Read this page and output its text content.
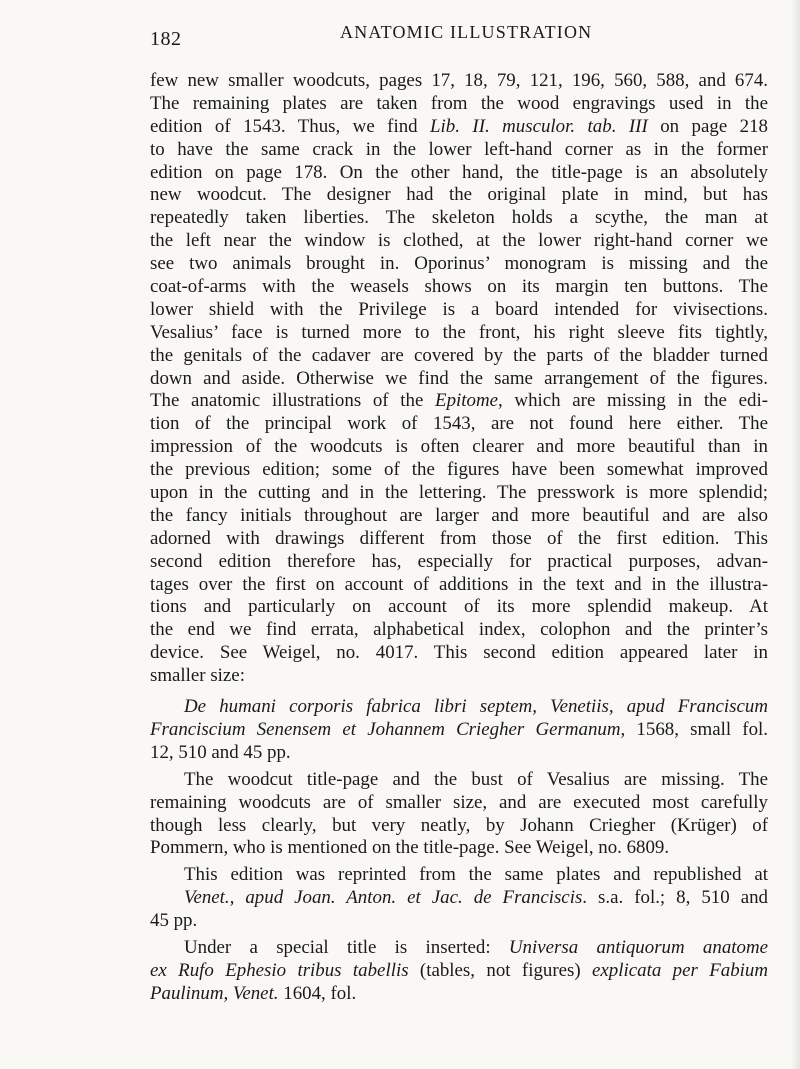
182	ANATOMIC ILLUSTRATION
few new smaller woodcuts, pages 17, 18, 79, 121, 196, 560, 588, and 674.
The remaining plates are taken from the wood engravings used in the
edition of 1543. Thus, we find Lib. II. musculor. tab. III on page 218
to have the same crack in the lower left-hand corner as in the former
edition on page 178. On the other hand, the title-page is an absolutely
new woodcut. The designer had the original plate in mind, but has
repeatedly taken liberties. The skeleton holds a scythe, the man at
the left near the window is clothed, at the lower right-hand corner we
see two animals brought in. Oporinus’ monogram is missing and the
coat-of-arms with the weasels shows on its margin ten buttons. The
lower shield with the Privilege is a board intended for vivisections.
Vesalius’ face is turned more to the front, his right sleeve fits tightly,
the genitals of the cadaver are covered by the parts of the bladder turned
down and aside. Otherwise we find the same arrangement of the figures.
The anatomic illustrations of the Epitome, which are missing in the edi-
tion of the principal work of 1543, are not found here either. The
impression of the woodcuts is often clearer and more beautiful than in
the previous edition; some of the figures have been somewhat improved
upon in the cutting and in the lettering. The presswork is more splendid;
the fancy initials throughout are larger and more beautiful and are also
adorned with drawings different from those of the first edition. This
second edition therefore has, especially for practical purposes, advan-
tages over the first on account of additions in the text and in the illustra-
tions and particularly on account of its more splendid makeup. At
the end we find errata, alphabetical index, colophon and the printer’s
device. See Weigel, no. 4017. This second edition appeared later in
smaller size:
De humani corporis fabrica libri septem, Venetiis, apud Franciscum
Franciscium Senensem et Johannem Criegher Germanum, 1568, small fol.
12, 510 and 45 pp.
The woodcut title-page and the bust of Vesalius are missing. The
remaining woodcuts are of smaller size, and are executed most carefully
though less clearly, but very neatly, by Johann Criegher (Krüger) of
Pommern, who is mentioned on the title-page. See Weigel, no. 6809.
This edition was reprinted from the same plates and republished at
Venet., apud Joan. Anton. et Jac. de Franciscis. s.a. fol.; 8, 510 and
45 pp.
Under a special title is inserted: Universa antiquorum anatome
ex Rufo Ephesio tribus tabellis (tables, not figures) explicata per Fabium
Paulinum, Venet. 1604, fol.
